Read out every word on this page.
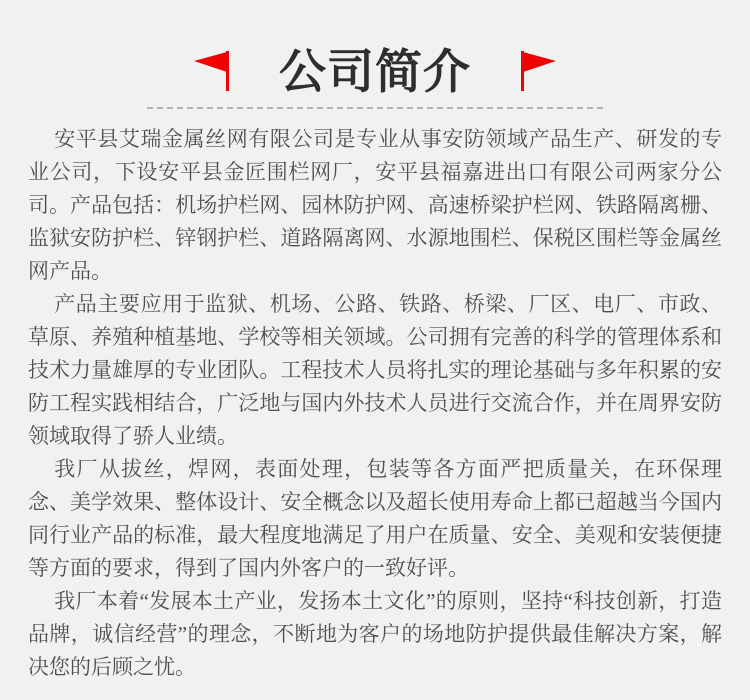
公司简介

安平县艾瑞金属丝网有限公司是专业从事安防领域产品生产、研发的专业公司，下设安平县金匠围栏网厂，安平县福嘉进出口有限公司两家分公司。产品包括：机场护栏网、园林防护网、高速桥梁护栏网、铁路隔离栅、监狱安防护栏、锌钢护栏、道路隔离网、水源地围栏、保税区围栏等金属丝网产品。

产品主要应用于监狱、机场、公路、铁路、桥梁、厂区、电厂、市政、草原、养殖种植基地、学校等相关领域。公司拥有完善的科学的管理体系和技术力量雄厚的专业团队。工程技术人员将扎实的理论基础与多年积累的安防工程实践相结合，广泛地与国内外技术人员进行交流合作，并在周界安防领域取得了骄人业绩。

我厂从拔丝，焊网，表面处理，包装等各方面严把质量关，在环保理念、美学效果、整体设计、安全概念以及超长使用寿命上都已超越当今国内同行业产品的标准，最大程度地满足了用户在质量、安全、美观和安装便捷等方面的要求，得到了国内外客户的一致好评。

我厂本着“发展本土产业，发扬本土文化”的原则，坚持“科技创新，打造品牌，诚信经营”的理念，不断地为客户的场地防护提供最佳解决方案，解决您的后顾之忧。
